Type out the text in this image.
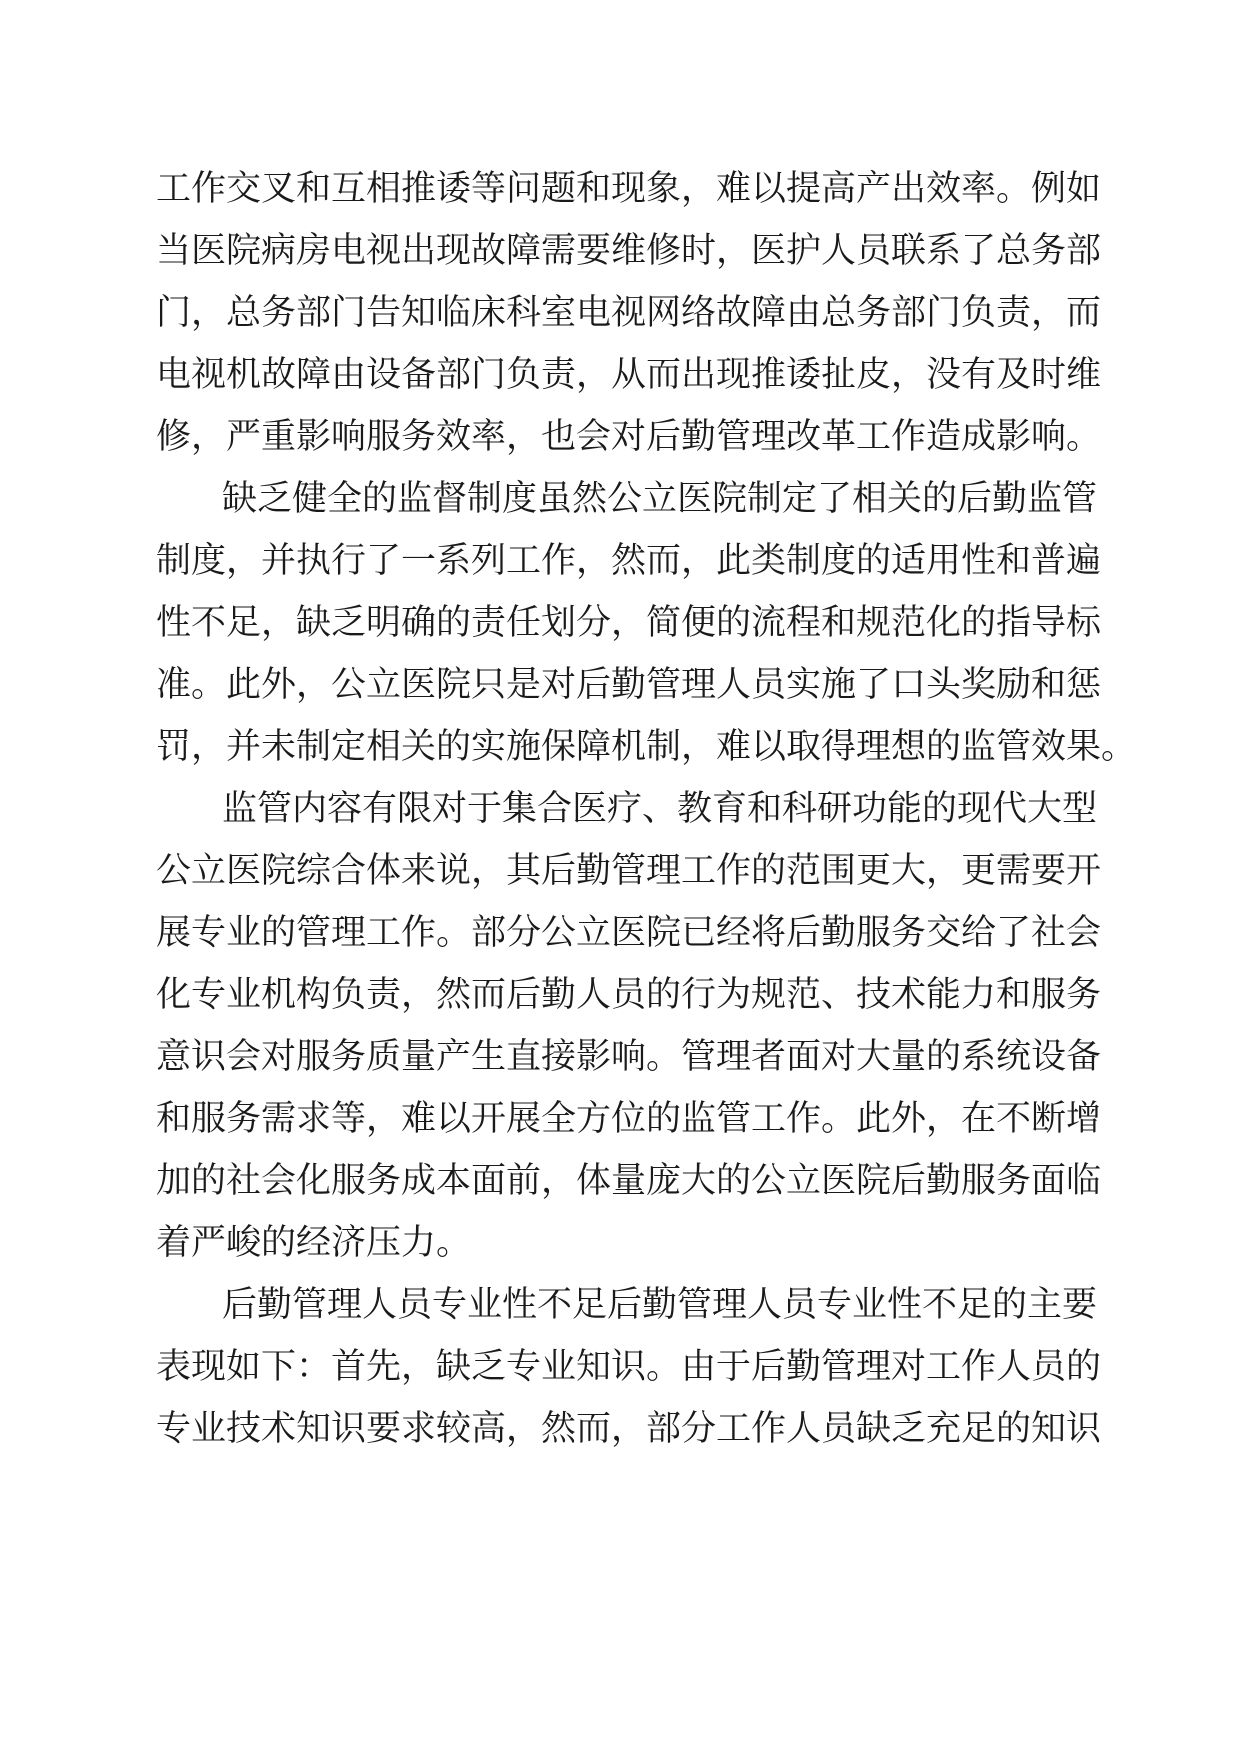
工作交叉和互相推诿等问题和现象，难以提高产出效率。例如
当医院病房电视出现故障需要维修时，医护人员联系了总务部
门，总务部门告知临床科室电视网络故障由总务部门负责，而
电视机故障由设备部门负责，从而出现推诿扯皮，没有及时维
修，严重影响服务效率，也会对后勤管理改革工作造成影响。
缺乏健全的监督制度虽然公立医院制定了相关的后勤监管
制度，并执行了一系列工作，然而，此类制度的适用性和普遍
性不足，缺乏明确的责任划分，简便的流程和规范化的指导标
准。此外，公立医院只是对后勤管理人员实施了口头奖励和惩
罚，并未制定相关的实施保障机制，难以取得理想的监管效果。
监管内容有限对于集合医疗、教育和科研功能的现代大型
公立医院综合体来说，其后勤管理工作的范围更大，更需要开
展专业的管理工作。部分公立医院已经将后勤服务交给了社会
化专业机构负责，然而后勤人员的行为规范、技术能力和服务
意识会对服务质量产生直接影响。管理者面对大量的系统设备
和服务需求等，难以开展全方位的监管工作。此外，在不断增
加的社会化服务成本面前，体量庞大的公立医院后勤服务面临
着严峻的经济压力。
后勤管理人员专业性不足后勤管理人员专业性不足的主要
表现如下：首先，缺乏专业知识。由于后勤管理对工作人员的
专业技术知识要求较高，然而，部分工作人员缺乏充足的知识
